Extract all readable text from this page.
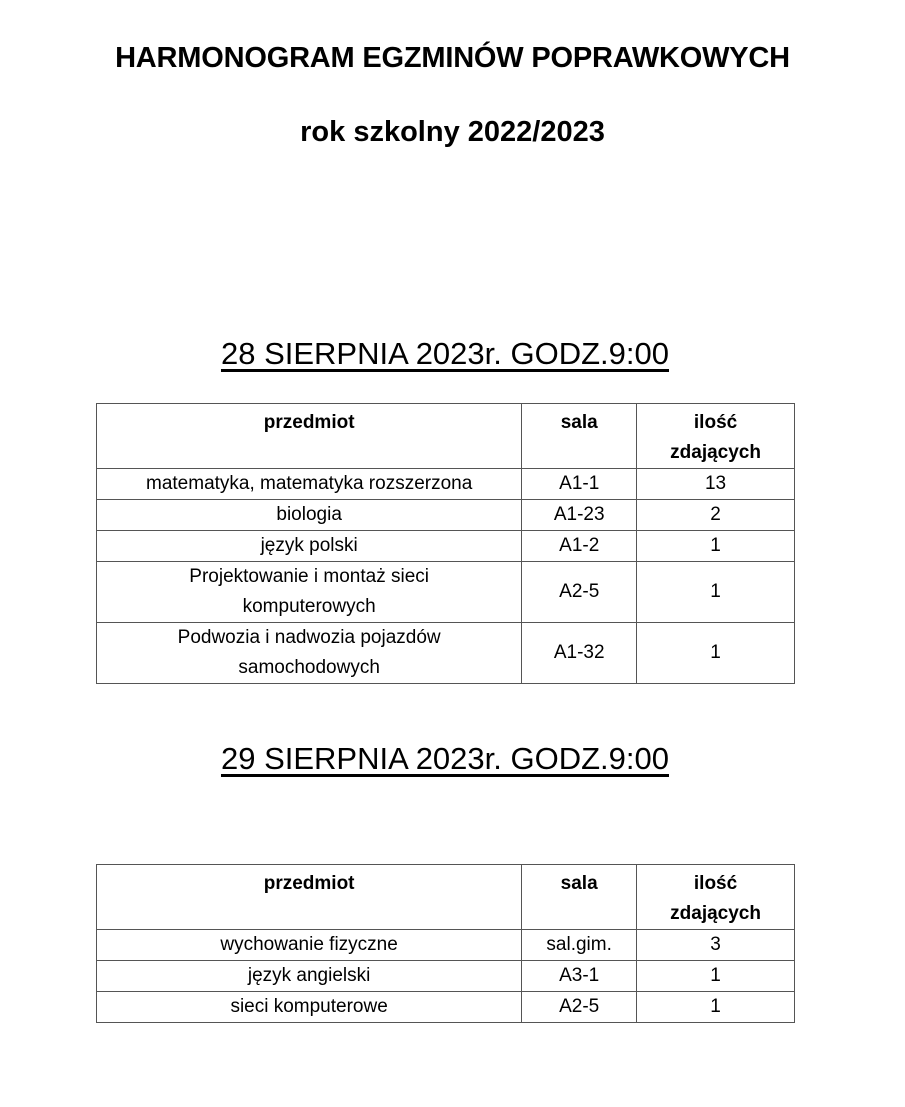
HARMONOGRAM EGZMINÓW POPRAWKOWYCH
rok szkolny 2022/2023
28 SIERPNIA 2023r. GODZ.9:00
przedmiot	sala	ilość
zdających
matematyka, matematyka rozszerzona	A1-1	13
biologia	A1-23	2
język polski	A1-2	1
Projektowanie i montaż sieci
komputerowych	A2-5	1
Podwozia i nadwozia pojazdów
samochodowych	A1-32	1
29 SIERPNIA 2023r. GODZ.9:00
przedmiot	sala	ilość
zdających
wychowanie fizyczne	sal.gim.	3
język angielski	A3-1	1
sieci komputerowe	A2-5	1
